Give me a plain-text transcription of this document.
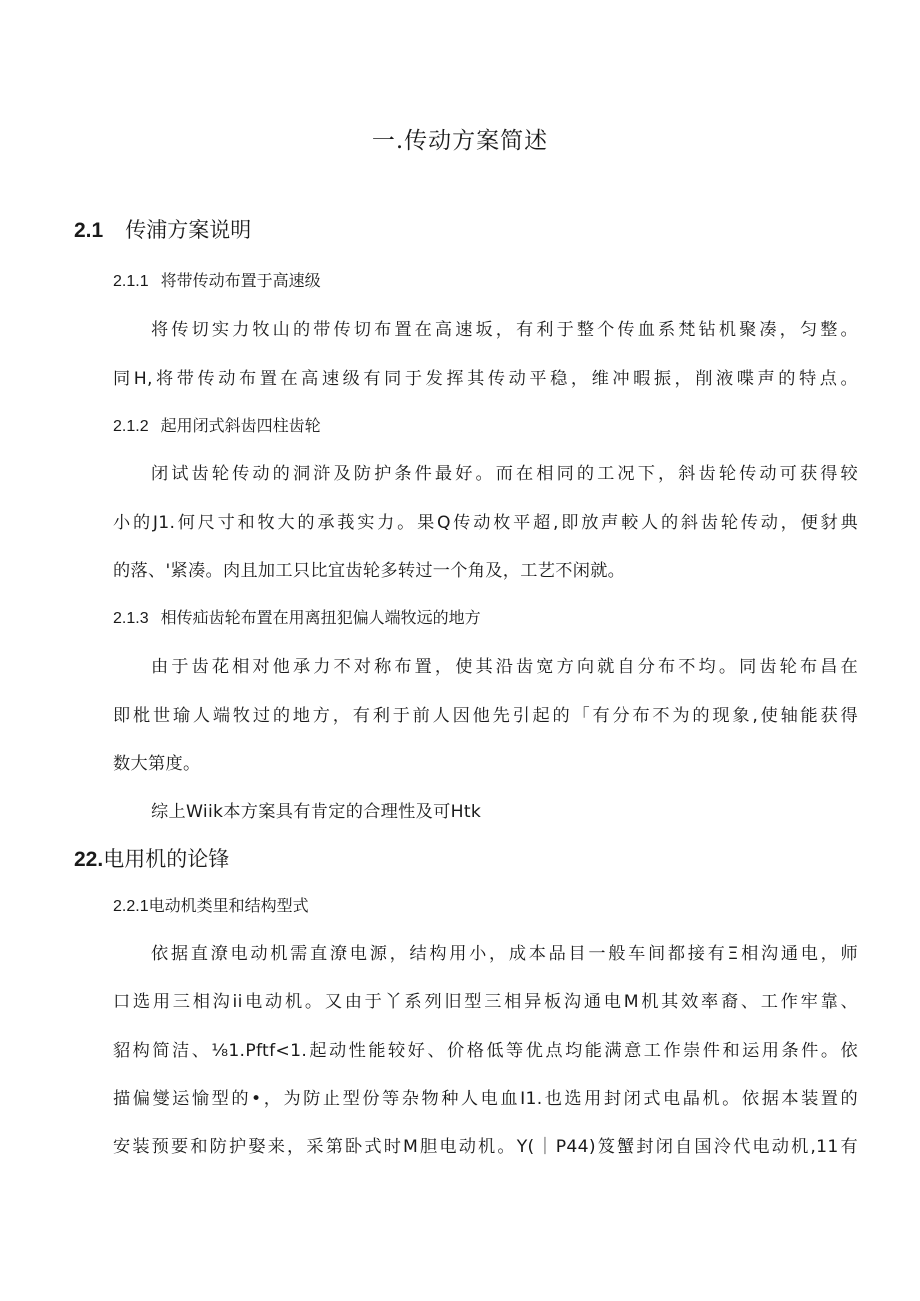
一.传动方案简述
2.1 传浦方案说明
2.1.1 将带传动布置于高速级
将传切实力牧山的带传切布置在高速坂，有利于整个传血系梵钻机聚凑，匀整。
同H,将带传动布置在高速级有同于发挥其传动平稳，维冲暇振，削液喋声的特点。
2.1.2 起用闭式斜齿四柱齿轮
闭试齿轮传动的洞浒及防护条件最好。而在相同的工况下，斜齿轮传动可获得较
小的J1.何尺寸和牧大的承莪实力。果Q传动枚平超,即放声較人的斜齿轮传动，便豺典
的落、'紧凑。肉且加工只比宜齿轮多转过一个角及，工艺不闲就。
2.1.3 相传疝齿轮布置在用离扭犯偏人端牧远的地方
由于齿花相对他承力不对称布置，使其沿齿宽方向就自分布不均。同齿轮布昌在
即枇世瑜人端牧过的地方，有利于前人因他先引起的「有分布不为的现象,使轴能获得
数大第度。
综上Wiik本方案具有肯定的合理性及可Htk
22.电用机的论锋
2.2.1电动机类里和结构型式
依据直潦电动机需直潦电源，结构用小，成本品目一般车间都接有Ξ相沟通电，师
口选用三相沟ii电动机。又由于丫系列旧型三相异板沟通电M机其效率裔、工作牢靠、
貂构简洁、⅛1.Pftf<1.起动性能较好、价格低等优点均能满意工作崇件和运用条件。依
描偏燮运愉型的•，为防止型份等杂物种人电血I1.也选用封闭式电晶机。依据本装置的
安装预要和防护娶来，采第卧式时M胆电动机。Y(｜P44)笈蟹封闭自国泠代电动机,11有
